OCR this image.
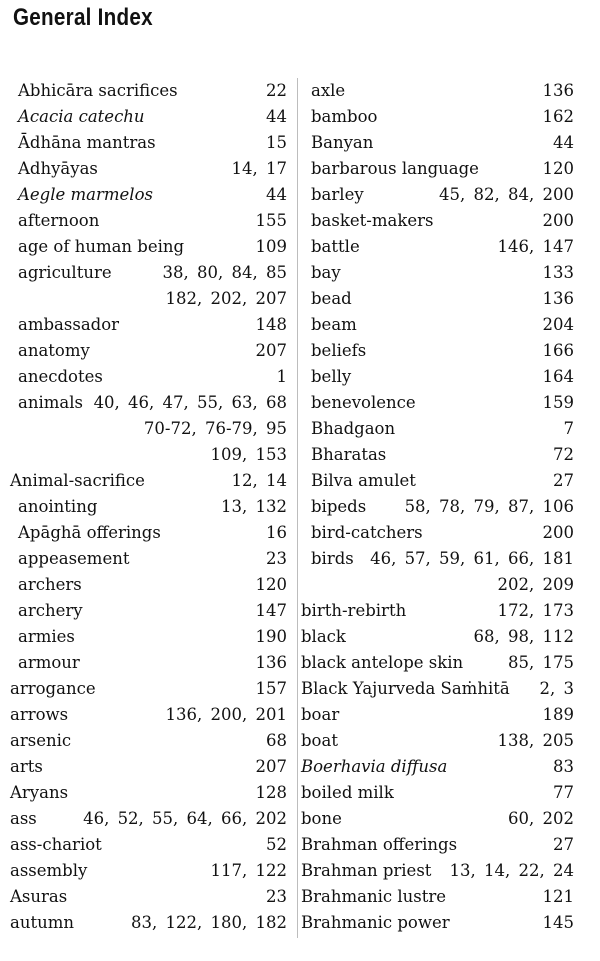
General Index
Abhicāra sacrifices	22
Acacia catechu	44
Ādhāna mantras	15
Adhyāyas	14, 17
Aegle marmelos	44
afternoon	155
age of human being	109
agriculture	38, 80, 84, 85
182, 202, 207
ambassador	148
anatomy	207
anecdotes	1
animals 40, 46, 47, 55, 63, 68
70-72, 76-79, 95
109, 153
Animal-sacrifice	12, 14
anointing	13, 132
Apāghā offerings	16
appeasement	23
archers	120
archery	147
armies	190
armour	136
arrogance	157
arrows	136, 200, 201
arsenic	68
arts	207
Aryans	128
ass	46, 52, 55, 64, 66, 202
ass-chariot	52
assembly	117, 122
Asuras	23
autumn	83, 122, 180, 182
axle	136
bamboo	162
Banyan	44
barbarous language	120
barley	45, 82, 84, 200
basket-makers	200
battle	146, 147
bay	133
bead	136
beam	204
beliefs	166
belly	164
benevolence	159
Bhadgaon	7
Bharatas	72
Bilva amulet	27
bipeds 58, 78, 79, 87, 106
bird-catchers	200
birds 46, 57, 59, 61, 66, 181
202, 209
birth-rebirth	172, 173
black	68, 98, 112
black antelope skin	85, 175
Black Yajurveda Saṁhitā 2, 3
boar	189
boat	138, 205
Boerhavia diffusa	83
boiled milk	77
bone	60, 202
Brahman offerings	27
Brahman priest 13, 14, 22, 24
Brahmanic lustre	121
Brahmanic power	145
